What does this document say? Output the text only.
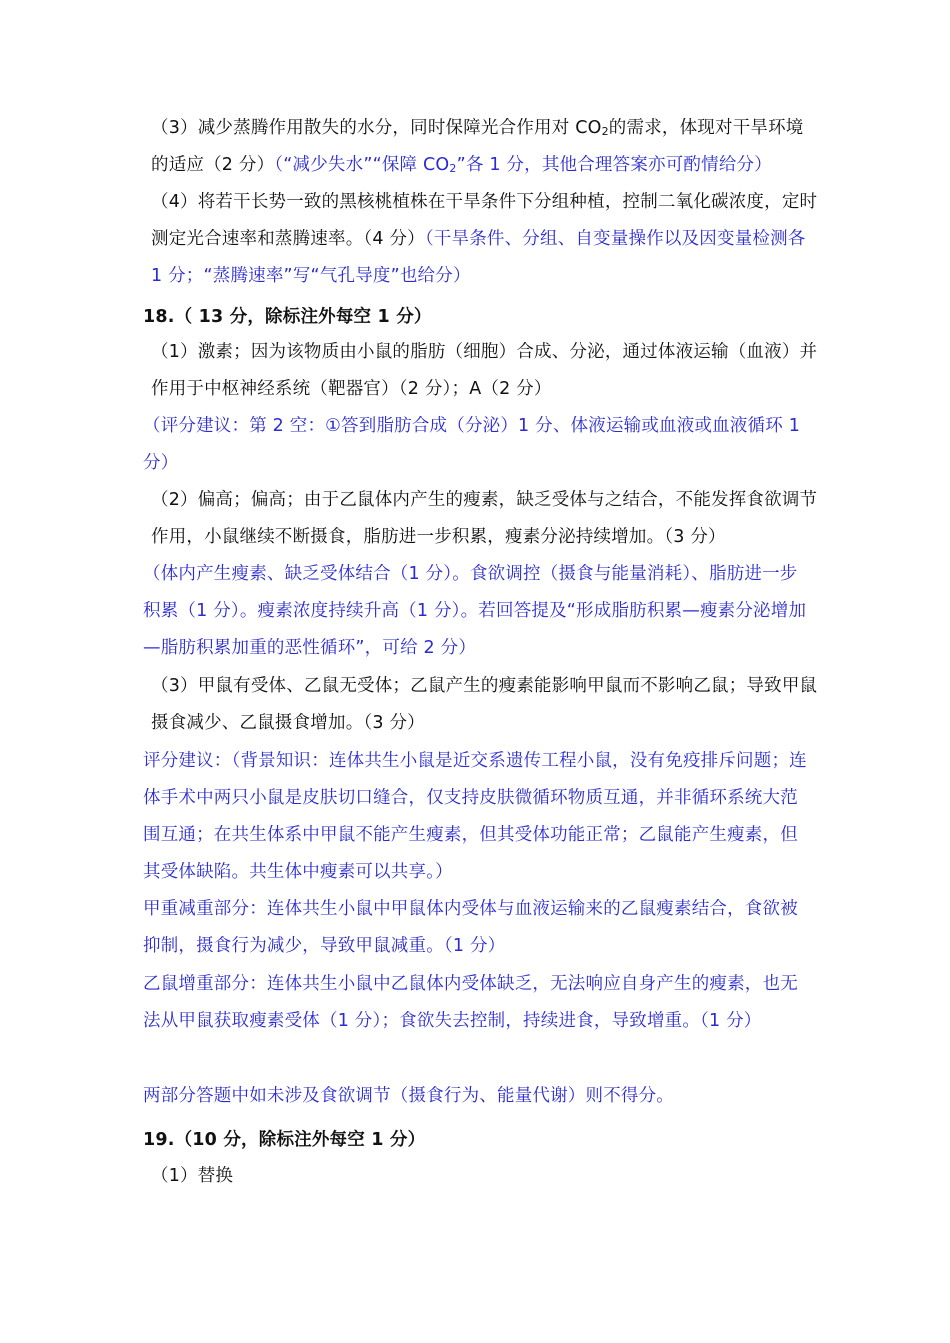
（3）减少蒸腾作用散失的水分，同时保障光合作用对 $CO_2$的需求，体现对干旱环境的适应（2 分）（“减少失水”“保障 $CO_2$”各 1 分，其他合理答案亦可酌情给分）
（4）将若干长势一致的黑核桃植株在干旱条件下分组种植，控制二氧化碳浓度，定时测定光合速率和蒸腾速率。（4 分）（干旱条件、分组、自变量操作以及因变量检测各 1 分；“蒸腾速率”写“气孔导度”也给分）
18.（ 13 分，除标注外每空 1 分）
（1）激素；因为该物质由小鼠的脂肪（细胞）合成、分泌，通过体液运输（血液）并作用于中枢神经系统（靶器官）（2 分）；A（2 分）
（评分建议：第 2 空：①答到脂肪合成（分泌）1 分、体液运输或血液或血液循环 1 分）
（2）偏高；偏高；由于乙鼠体内产生的瘦素，缺乏受体与之结合，不能发挥食欲调节作用，小鼠继续不断摄食，脂肪进一步积累，瘦素分泌持续增加。（3 分）
（体内产生瘦素、缺乏受体结合（1 分）。食欲调控（摄食与能量消耗）、脂肪进一步积累（1 分）。瘦素浓度持续升高（1 分）。若回答提及“形成脂肪积累—瘦素分泌增加—脂肪积累加重的恶性循环”，可给 2 分）
（3）甲鼠有受体、乙鼠无受体；乙鼠产生的瘦素能影响甲鼠而不影响乙鼠；导致甲鼠摄食减少、乙鼠摄食增加。（3 分）
评分建议：（背景知识：连体共生小鼠是近交系遗传工程小鼠，没有免疫排斥问题；连体手术中两只小鼠是皮肤切口缝合，仅支持皮肤微循环物质互通，并非循环系统大范围互通；在共生体系中甲鼠不能产生瘦素，但其受体功能正常；乙鼠能产生瘦素，但其受体缺陷。共生体中瘦素可以共享。）
甲重减重部分：连体共生小鼠中甲鼠体内受体与血液运输来的乙鼠瘦素结合，食欲被抑制，摄食行为减少，导致甲鼠减重。（1 分）
乙鼠增重部分：连体共生小鼠中乙鼠体内受体缺乏，无法响应自身产生的瘦素，也无法从甲鼠获取瘦素受体（1 分）；食欲失去控制，持续进食，导致增重。（1 分）
两部分答题中如未涉及食欲调节（摄食行为、能量代谢）则不得分。
19.（10 分，除标注外每空 1 分）
（1）替换
